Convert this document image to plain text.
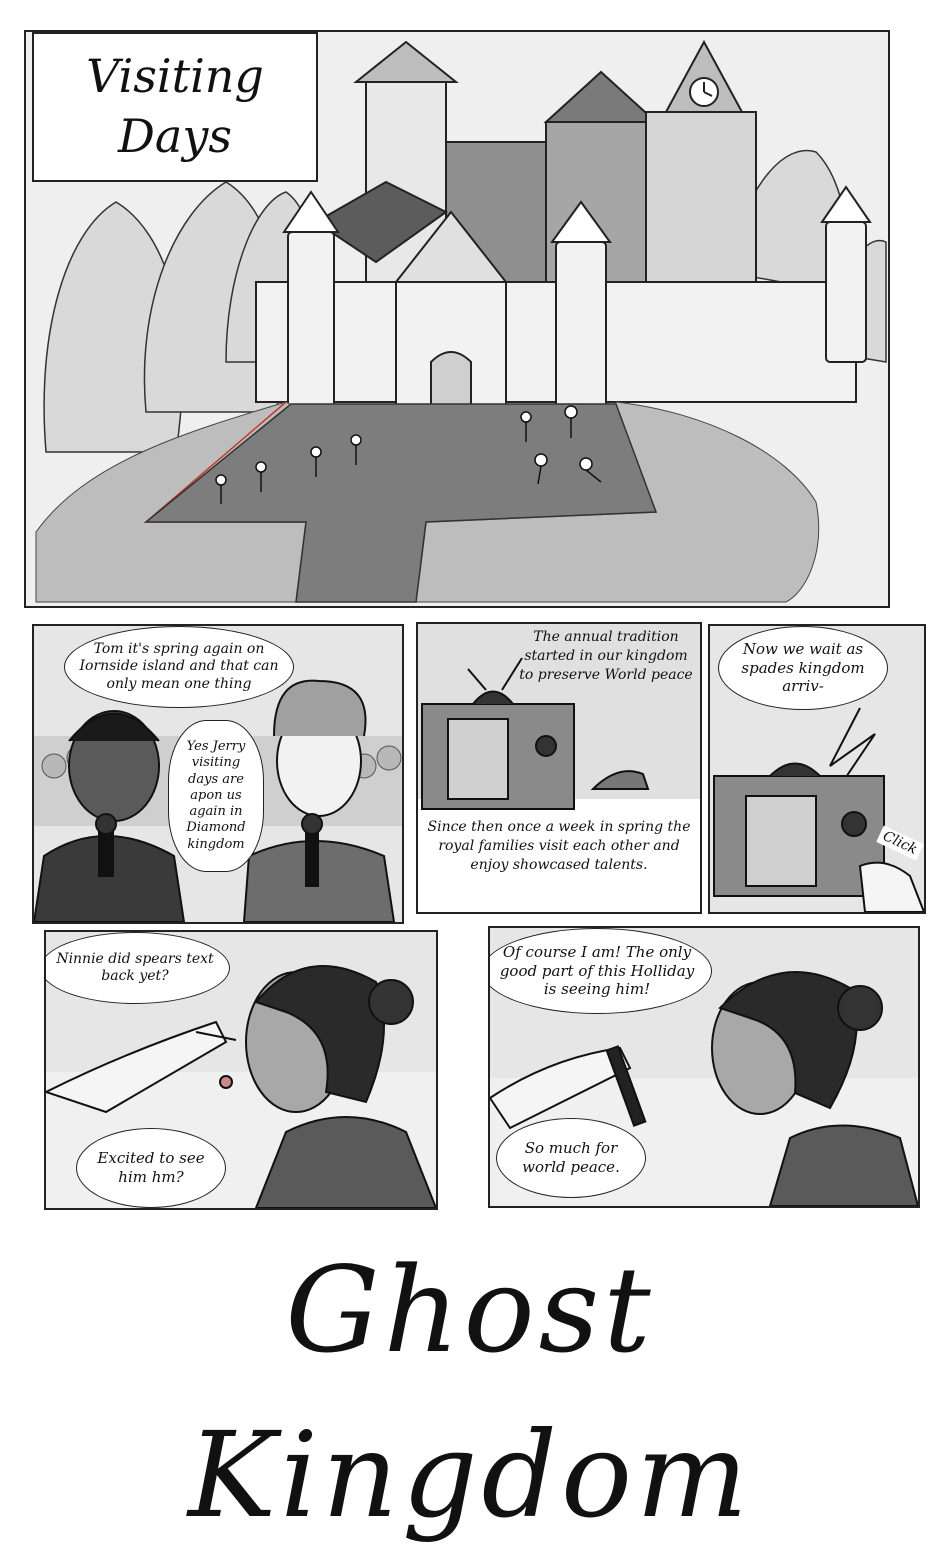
Visiting
Days
Tom it's spring again on Iornside island and that can only mean one thing
Yes Jerry visiting days are apon us again in Diamond kingdom
The annual tradition started in our kingdom to preserve World peace
Since then once a week in spring the royal families visit each other and enjoy showcased talents.
Now we wait as spades kingdom arriv-
Click
Ninnie did spears text back yet?
Excited to see him hm?
Of course I am! The only good part of this Holliday is seeing him!
So much for world peace.
Ghost Kingdom
